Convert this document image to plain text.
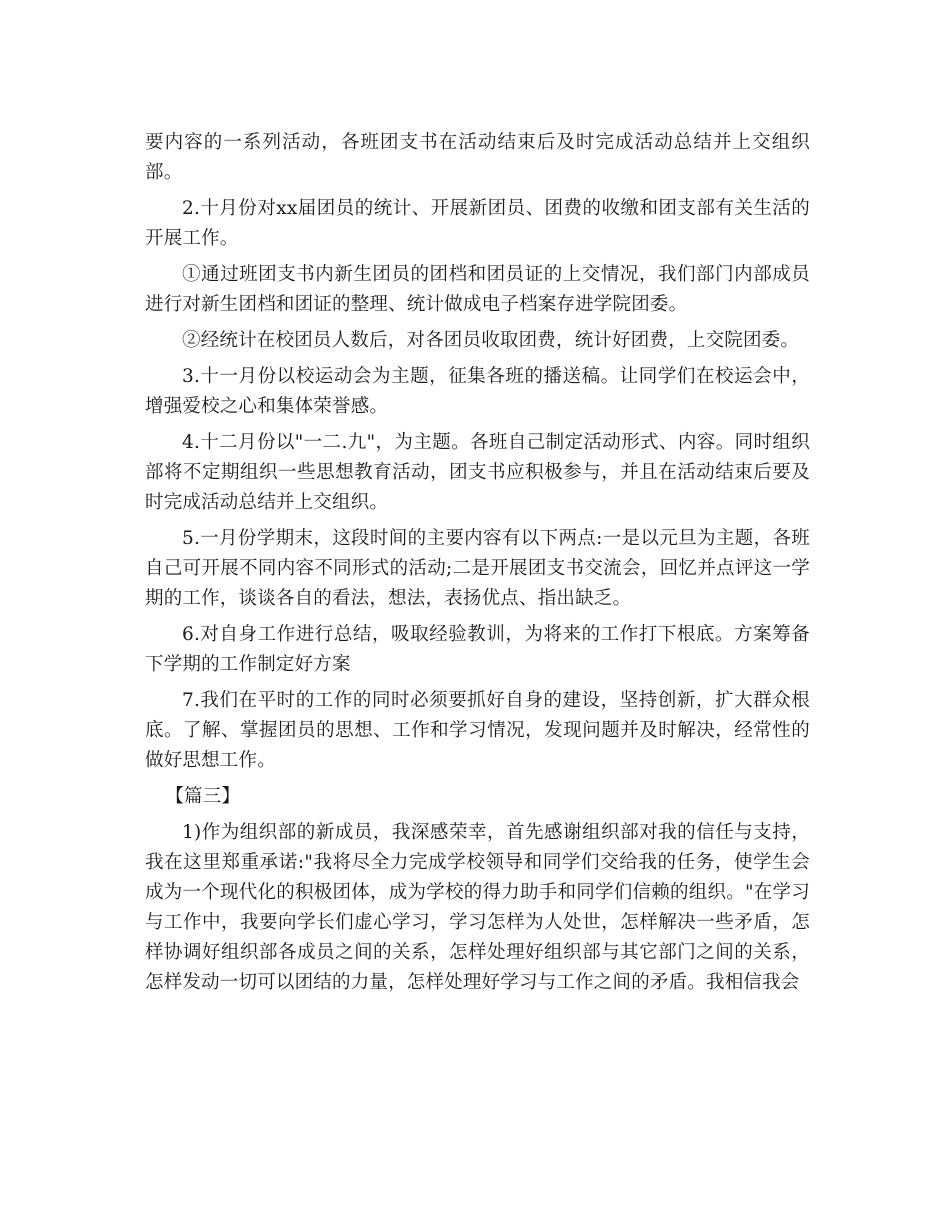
要内容的一系列活动，各班团支书在活动结束后及时完成活动总结并上交组织部。

2.十月份对xx届团员的统计、开展新团员、团费的收缴和团支部有关生活的开展工作。

①通过班团支书内新生团员的团档和团员证的上交情况，我们部门内部成员进行对新生团档和团证的整理、统计做成电子档案存进学院团委。

②经统计在校团员人数后，对各团员收取团费，统计好团费，上交院团委。

3.十一月份以校运动会为主题，征集各班的播送稿。让同学们在校运会中，增强爱校之心和集体荣誉感。

4.十二月份以"一二.九"，为主题。各班自己制定活动形式、内容。同时组织部将不定期组织一些思想教育活动，团支书应积极参与，并且在活动结束后要及时完成活动总结并上交组织。

5.一月份学期末，这段时间的主要内容有以下两点:一是以元旦为主题，各班自己可开展不同内容不同形式的活动;二是开展团支书交流会，回忆并点评这一学期的工作，谈谈各自的看法，想法，表扬优点、指出缺乏。

6.对自身工作进行总结，吸取经验教训，为将来的工作打下根底。方案筹备下学期的工作制定好方案

7.我们在平时的工作的同时必须要抓好自身的建设，坚持创新，扩大群众根底。了解、掌握团员的思想、工作和学习情况，发现问题并及时解决，经常性的做好思想工作。

【篇三】

1)作为组织部的新成员，我深感荣幸，首先感谢组织部对我的信任与支持，我在这里郑重承诺:"我将尽全力完成学校领导和同学们交给我的任务，使学生会成为一个现代化的积极团体，成为学校的得力助手和同学们信赖的组织。"在学习与工作中，我要向学长们虚心学习，学习怎样为人处世，怎样解决一些矛盾，怎样协调好组织部各成员之间的关系，怎样处理好组织部与其它部门之间的关系，怎样发动一切可以团结的力量，怎样处理好学习与工作之间的矛盾。我相信我会
